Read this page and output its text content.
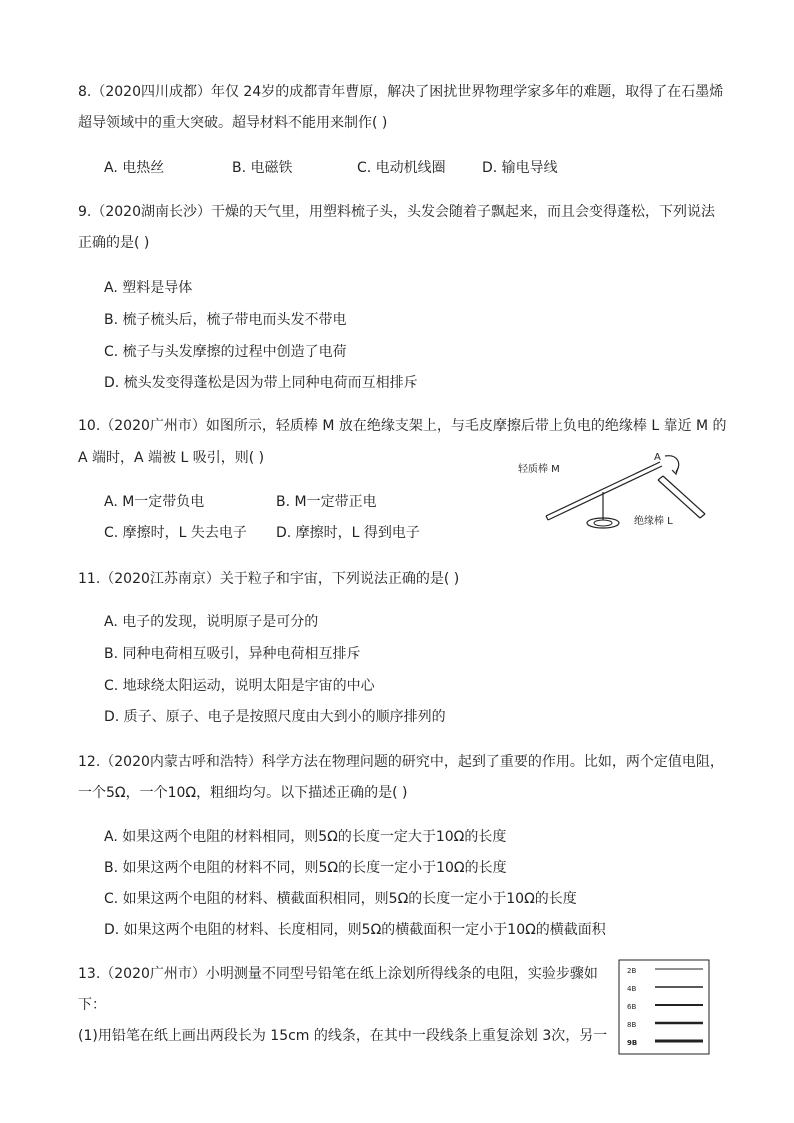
8.（2020四川成都）年仅 24岁的成都青年曹原，解决了困扰世界物理学家多年的难题，取得了在石墨烯
超导领域中的重大突破。超导材料不能用来制作( )
A. 电热丝	B. 电磁铁	C. 电动机线圈	D. 输电导线
9.（2020湖南长沙）干燥的天气里，用塑料梳子头，头发会随着子飘起来，而且会变得蓬松，下列说法
正确的是( )
A. 塑料是导体
B. 梳子梳头后，梳子带电而头发不带电
C. 梳子与头发摩擦的过程中创造了电荷
D. 梳头发变得蓬松是因为带上同种电荷而互相排斥
10.（2020广州市）如图所示，轻质棒 M 放在绝缘支架上，与毛皮摩擦后带上负电的绝缘棒 L 靠近 M 的
A 端时，A 端被 L 吸引，则( )
A. M一定带负电	B. M一定带正电
C. 摩擦时，L 失去电子 D. 摩擦时，L 得到电子
轻质棒 M
A
绝缘棒 L
11.（2020江苏南京）关于粒子和宇宙，下列说法正确的是( )
A. 电子的发现，说明原子是可分的
B. 同种电荷相互吸引，异种电荷相互排斥
C. 地球绕太阳运动，说明太阳是宇宙的中心
D. 质子、原子、电子是按照尺度由大到小的顺序排列的
12.（2020内蒙古呼和浩特）科学方法在物理问题的研究中，起到了重要的作用。比如，两个定值电阻，
一个5Ω，一个10Ω，粗细均匀。以下描述正确的是( )
A. 如果这两个电阻的材料相同，则5Ω的长度一定大于10Ω的长度
B. 如果这两个电阻的材料不同，则5Ω的长度一定小于10Ω的长度
C. 如果这两个电阻的材料、横截面积相同，则5Ω的长度一定小于10Ω的长度
D. 如果这两个电阻的材料、长度相同，则5Ω的横截面积一定小于10Ω的横截面积
13.（2020广州市）小明测量不同型号铅笔在纸上涂划所得线条的电阻，实验步骤如
下：
(1)用铅笔在纸上画出两段长为 15cm 的线条，在其中一段线条上重复涂划 3次，另一
2B
4B
6B
8B
9B
